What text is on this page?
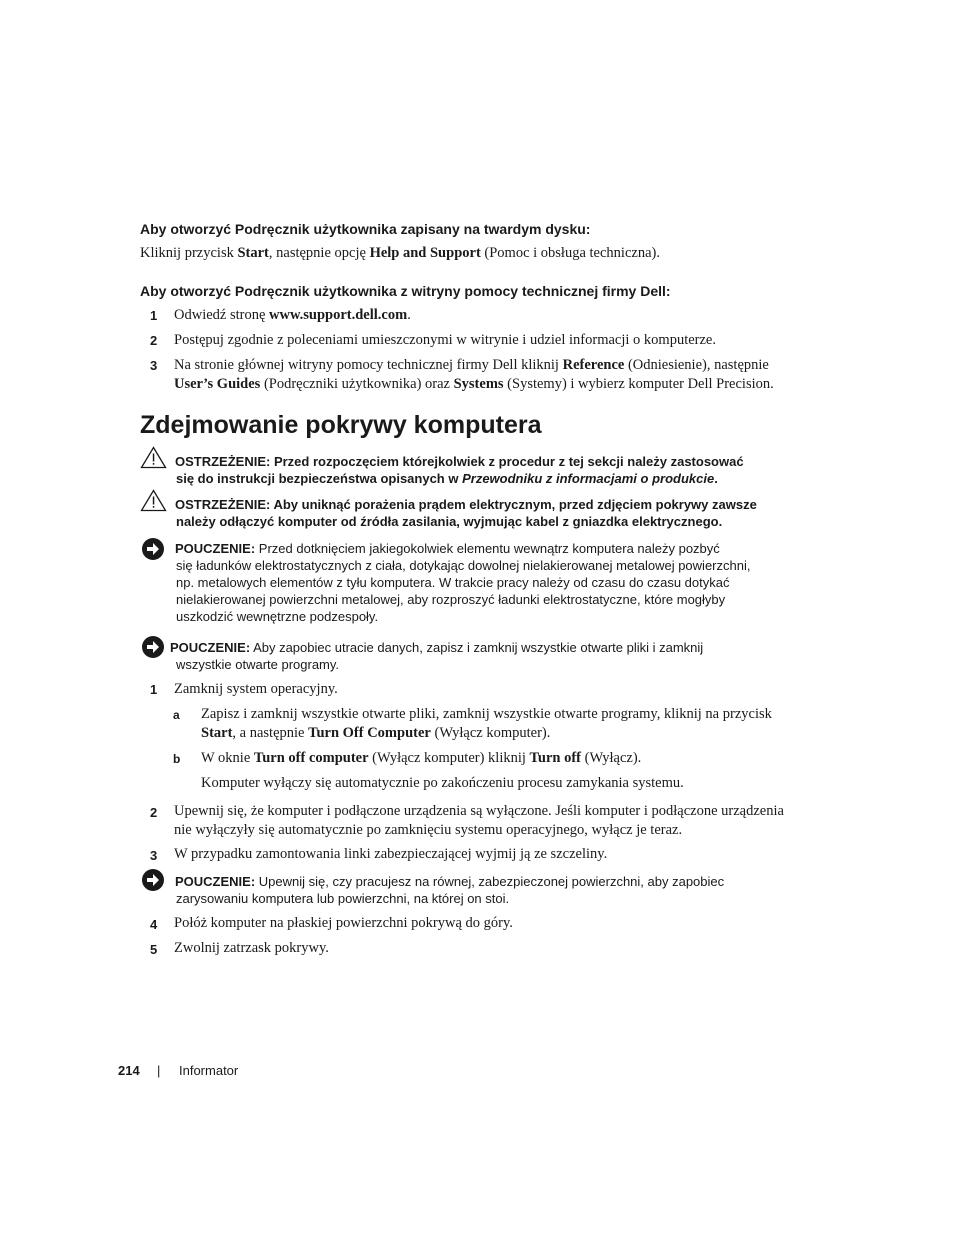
Aby otworzyć Podręcznik użytkownika zapisany na twardym dysku:
Kliknij przycisk Start, następnie opcję Help and Support (Pomoc i obsługa techniczna).
Aby otworzyć Podręcznik użytkownika z witryny pomocy technicznej firmy Dell:
1 Odwiedź stronę www.support.dell.com.
2 Postępuj zgodnie z poleceniami umieszczonymi w witrynie i udziel informacji o komputerze.
3 Na stronie głównej witryny pomocy technicznej firmy Dell kliknij Reference (Odniesienie), następnie
User’s Guides (Podręczniki użytkownika) oraz Systems (Systemy) i wybierz komputer Dell Precision.
Zdejmowanie pokrywy komputera
OSTRZEŻENIE: Przed rozpoczęciem którejkolwiek z procedur z tej sekcji należy zastosować
się do instrukcji bezpieczeństwa opisanych w Przewodniku z informacjami o produkcie.
OSTRZEŻENIE: Aby uniknąć porażenia prądem elektrycznym, przed zdjęciem pokrywy zawsze
należy odłączyć komputer od źródła zasilania, wyjmując kabel z gniazdka elektrycznego.
POUCZENIE: Przed dotknięciem jakiegokolwiek elementu wewnątrz komputera należy pozbyć
się ładunków elektrostatycznych z ciała, dotykając dowolnej nielakierowanej metalowej powierzchni,
np. metalowych elementów z tyłu komputera. W trakcie pracy należy od czasu do czasu dotykać
nielakierowanej powierzchni metalowej, aby rozproszyć ładunki elektrostatyczne, które mogłyby
uszkodzić wewnętrzne podzespoły.
POUCZENIE: Aby zapobiec utracie danych, zapisz i zamknij wszystkie otwarte pliki i zamknij
wszystkie otwarte programy.
1 Zamknij system operacyjny.
a Zapisz i zamknij wszystkie otwarte pliki, zamknij wszystkie otwarte programy, kliknij na przycisk
Start, a następnie Turn Off Computer (Wyłącz komputer).
b W oknie Turn off computer (Wyłącz komputer) kliknij Turn off (Wyłącz).
Komputer wyłączy się automatycznie po zakończeniu procesu zamykania systemu.
2 Upewnij się, że komputer i podłączone urządzenia są wyłączone. Jeśli komputer i podłączone urządzenia
nie wyłączyły się automatycznie po zamknięciu systemu operacyjnego, wyłącz je teraz.
3 W przypadku zamontowania linki zabezpieczającej wyjmij ją ze szczeliny.
POUCZENIE: Upewnij się, czy pracujesz na równej, zabezpieczonej powierzchni, aby zapobiec
zarysowaniu komputera lub powierzchni, na której on stoi.
4 Połóż komputer na płaskiej powierzchni pokrywą do góry.
5 Zwolnij zatrzask pokrywy.
214 | Informator
